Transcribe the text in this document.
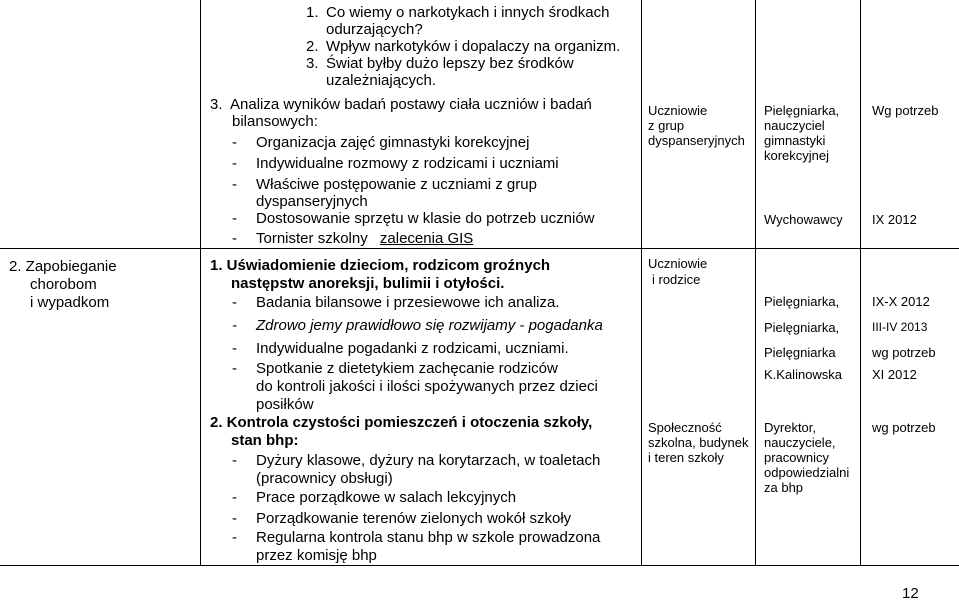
1. Co wiemy o narkotykach i innych środkach
odurzających?
2. Wpływ narkotyków i dopalaczy na organizm.
3. Świat byłby dużo lepszy bez środków
uzależniających.
3. Analiza wyników badań postawy ciała uczniów i badań
bilansowych:
- Organizacja zajęć gimnastyki korekcyjnej
- Indywidualne rozmowy z rodzicami i uczniami
- Właściwe postępowanie z uczniami z grup
dyspanseryjnych
- Dostosowanie sprzętu w klasie do potrzeb uczniów
- Tornister szkolny zalecenia GIS
2. Zapobieganie
chorobom
i wypadkom
1. Uświadomienie dzieciom, rodzicom groźnych
następstw anoreksji, bulimii i otyłości.
- Badania bilansowe i przesiewowe ich analiza.
- Zdrowo jemy prawidłowo się rozwijamy - pogadanka
- Indywidualne pogadanki z rodzicami, uczniami.
- Spotkanie z dietetykiem zachęcanie rodziców
do kontroli jakości i ilości spożywanych przez dzieci
posiłków
2. Kontrola czystości pomieszczeń i otoczenia szkoły,
stan bhp:
- Dyżury klasowe, dyżury na korytarzach, w toaletach
(pracownicy obsługi)
- Prace porządkowe w salach lekcyjnych
- Porządkowanie terenów zielonych wokół szkoły
- Regularna kontrola stanu bhp w szkole prowadzona
przez komisję bhp
Uczniowie
z grup
dyspanseryjnych
Uczniowie
i rodzice
Społeczność
szkolna, budynek
i teren szkoły
Pielęgniarka,
nauczyciel
gimnastyki
korekcyjnej
Wychowawcy
Pielęgniarka,
Pielęgniarka,
Pielęgniarka
K.Kalinowska
Dyrektor,
nauczyciele,
pracownicy
odpowiedzialni
za bhp
Wg potrzeb
IX 2012
IX-X 2012
III-IV 2013
wg potrzeb
XI 2012
wg potrzeb
12
